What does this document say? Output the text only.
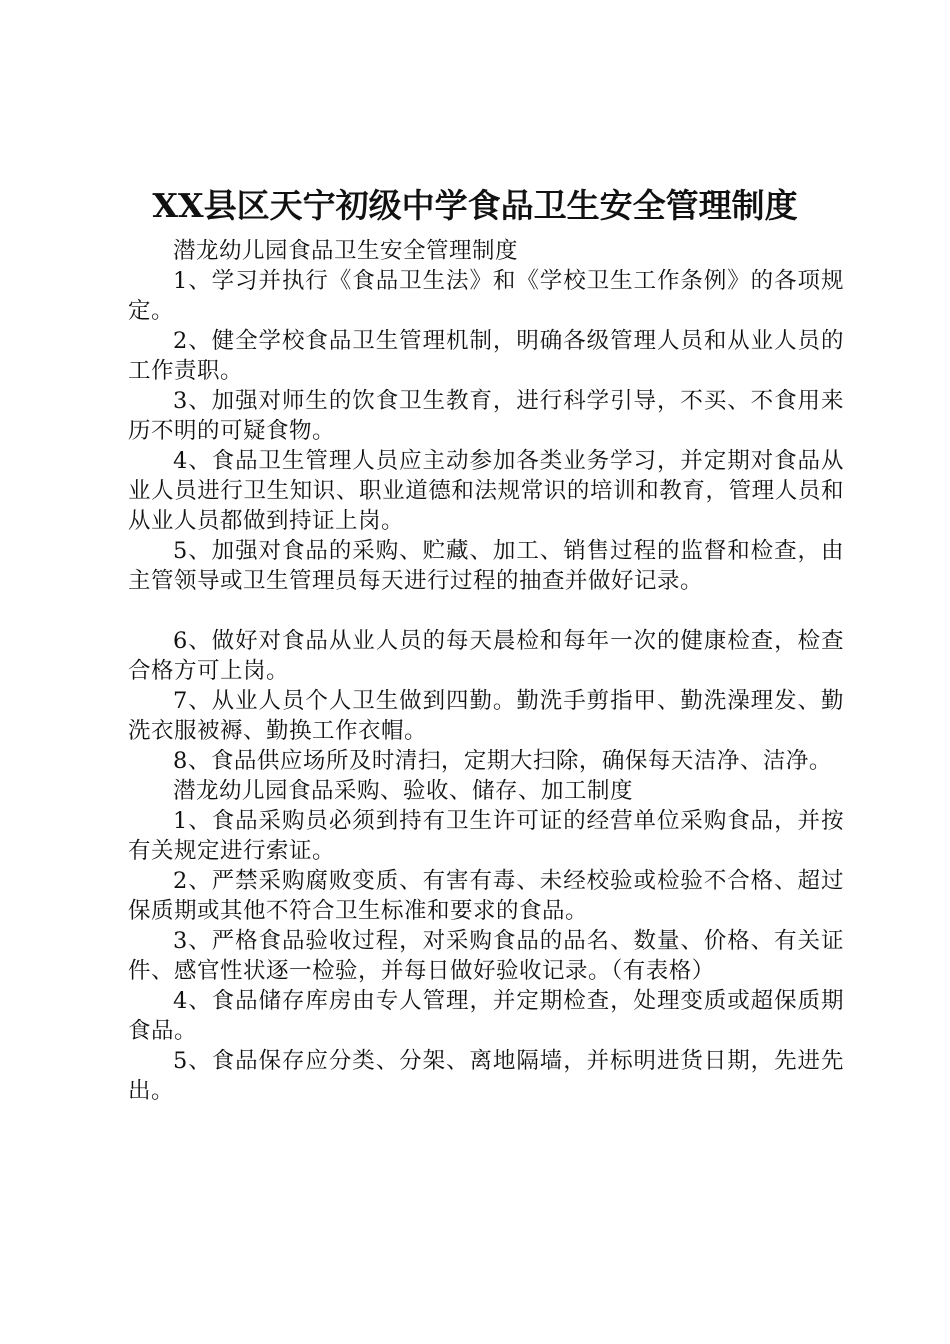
XX县区天宁初级中学食品卫生安全管理制度

潜龙幼儿园食品卫生安全管理制度

1、学习并执行《食品卫生法》和《学校卫生工作条例》的各项规定。

2、健全学校食品卫生管理机制，明确各级管理人员和从业人员的工作责职。

3、加强对师生的饮食卫生教育，进行科学引导，不买、不食用来历不明的可疑食物。

4、食品卫生管理人员应主动参加各类业务学习，并定期对食品从业人员进行卫生知识、职业道德和法规常识的培训和教育，管理人员和从业人员都做到持证上岗。

5、加强对食品的采购、贮藏、加工、销售过程的监督和检查，由主管领导或卫生管理员每天进行过程的抽查并做好记录。

6、做好对食品从业人员的每天晨检和每年一次的健康检查，检查合格方可上岗。

7、从业人员个人卫生做到四勤。勤洗手剪指甲、勤洗澡理发、勤洗衣服被褥、勤换工作衣帽。

8、食品供应场所及时清扫，定期大扫除，确保每天洁净、洁净。

潜龙幼儿园食品采购、验收、储存、加工制度

1、食品采购员必须到持有卫生许可证的经营单位采购食品，并按有关规定进行索证。

2、严禁采购腐败变质、有害有毒、未经校验或检验不合格、超过保质期或其他不符合卫生标准和要求的食品。

3、严格食品验收过程，对采购食品的品名、数量、价格、有关证件、感官性状逐一检验，并每日做好验收记录。（有表格）

4、食品储存库房由专人管理，并定期检查，处理变质或超保质期食品。

5、食品保存应分类、分架、离地隔墙，并标明进货日期，先进先出。
